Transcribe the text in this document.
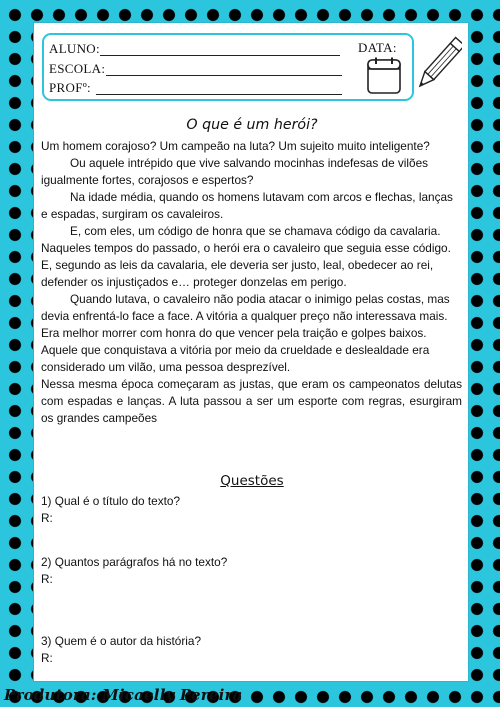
ALUNO:
ESCOLA:
PROFº:
DATA:
O que é um herói?

Um homem corajoso? Um campeão na luta? Um sujeito muito inteligente?

Ou aquele intrépido que vive salvando mocinhas indefesas de vilões igualmente fortes, corajosos e espertos?

Na idade média, quando os homens lutavam com arcos e flechas, lanças e espadas, surgiram os cavaleiros.

E, com eles, um código de honra que se chamava código da cavalaria. Naqueles tempos do passado, o herói era o cavaleiro que seguia esse código. E, segundo as leis da cavalaria, ele deveria ser justo, leal, obedecer ao rei, defender os injustiçados e… proteger donzelas em perigo.

Quando lutava, o cavaleiro não podia atacar o inimigo pelas costas, mas devia enfrentá-lo face a face. A vitória a qualquer preço não interessava mais. Era melhor morrer com honra do que vencer pela traição e golpes baixos. Aquele que conquistava a vitória por meio da crueldade e deslealdade era considerado um vilão, uma pessoa desprezível.

Nessa mesma época começaram as justas, que eram os campeonatos delutas com espadas e lanças. A luta passou a ser um esporte com regras, esurgiram os grandes campeões

Questões
1) Qual é o título do texto?
R:
2) Quantos parágrafos há no texto?
R:
3) Quem é o autor da história?
R:
Produtora: Micaelly Pereira
